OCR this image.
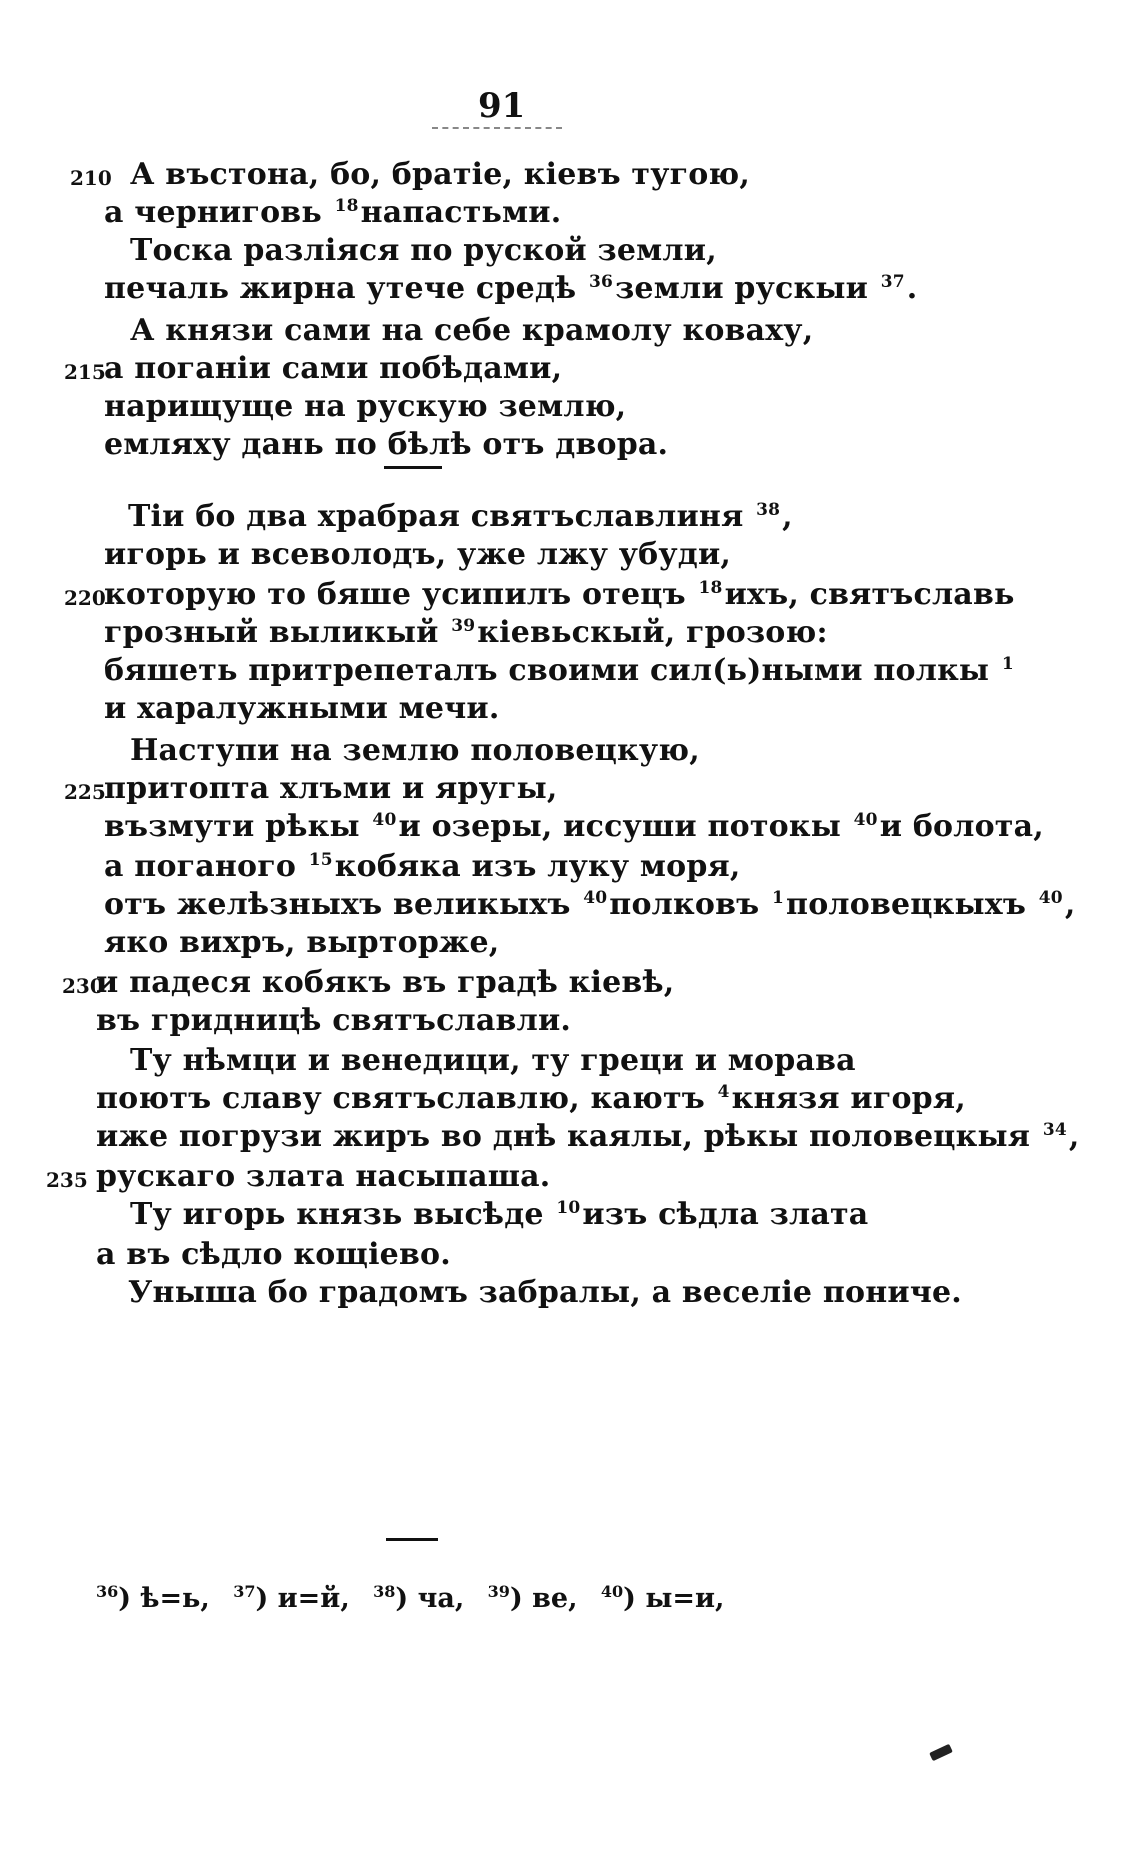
91
А въстона, бо, братіе, кіевъ тугою,
210
а черниговь $^{18}$напастьми.
Тоска разліяся по руской земли,
печаль жирна утече средѣ $^{36}$земли рускыи $^{37}$.
А князи сами на себе крамолу коваху,
а поганіи сами побѣдами,
215
нарищуще на рускую землю,
емляху дань по бѣлѣ отъ двора.
Тіи бо два храбрая святъславлиня $^{38}$,
игорь и всеволодъ, уже лжу убуди,
которую то бяше усипилъ отецъ $^{18}$ихъ, святъславь
220
грозный выликый $^{39}$кіевьскый, грозою:
бяшеть притрепеталъ своими сил(ь)ными полкы $^1$
и харалужными мечи.
Наступи на землю половецкую,
притопта хлъми и яругы,
225
възмути рѣкы $^{40}$и озеры, иссуши потокы $^{40}$и болота,
а поганого $^{15}$кобяка изъ луку моря,
отъ желѣзныхъ великыхъ $^{40}$полковъ $^1$половецкыхъ $^{40}$,
яко вихръ, вырторже,
и падеся кобякъ въ градѣ кіевѣ,
230
въ гридницѣ святъславли.
Ту нѣмци и венедици, ту греци и морава
поютъ славу святъславлю, каютъ $^4$князя игоря,
иже погрузи жиръ во днѣ каялы, рѣкы половецкыя $^{34}$,
рускаго злата насыпаша.
235
Ту игорь князь высѣде $^{10}$изъ сѣдла злата
а въ сѣдло кощіево.
Уныша бо градомъ забралы, а веселіе пониче.
$^{36}$) ѣ=ь, $^{37}$) и=й, $^{38}$) ча, $^{39}$) ве, $^{40}$) ы=и,
